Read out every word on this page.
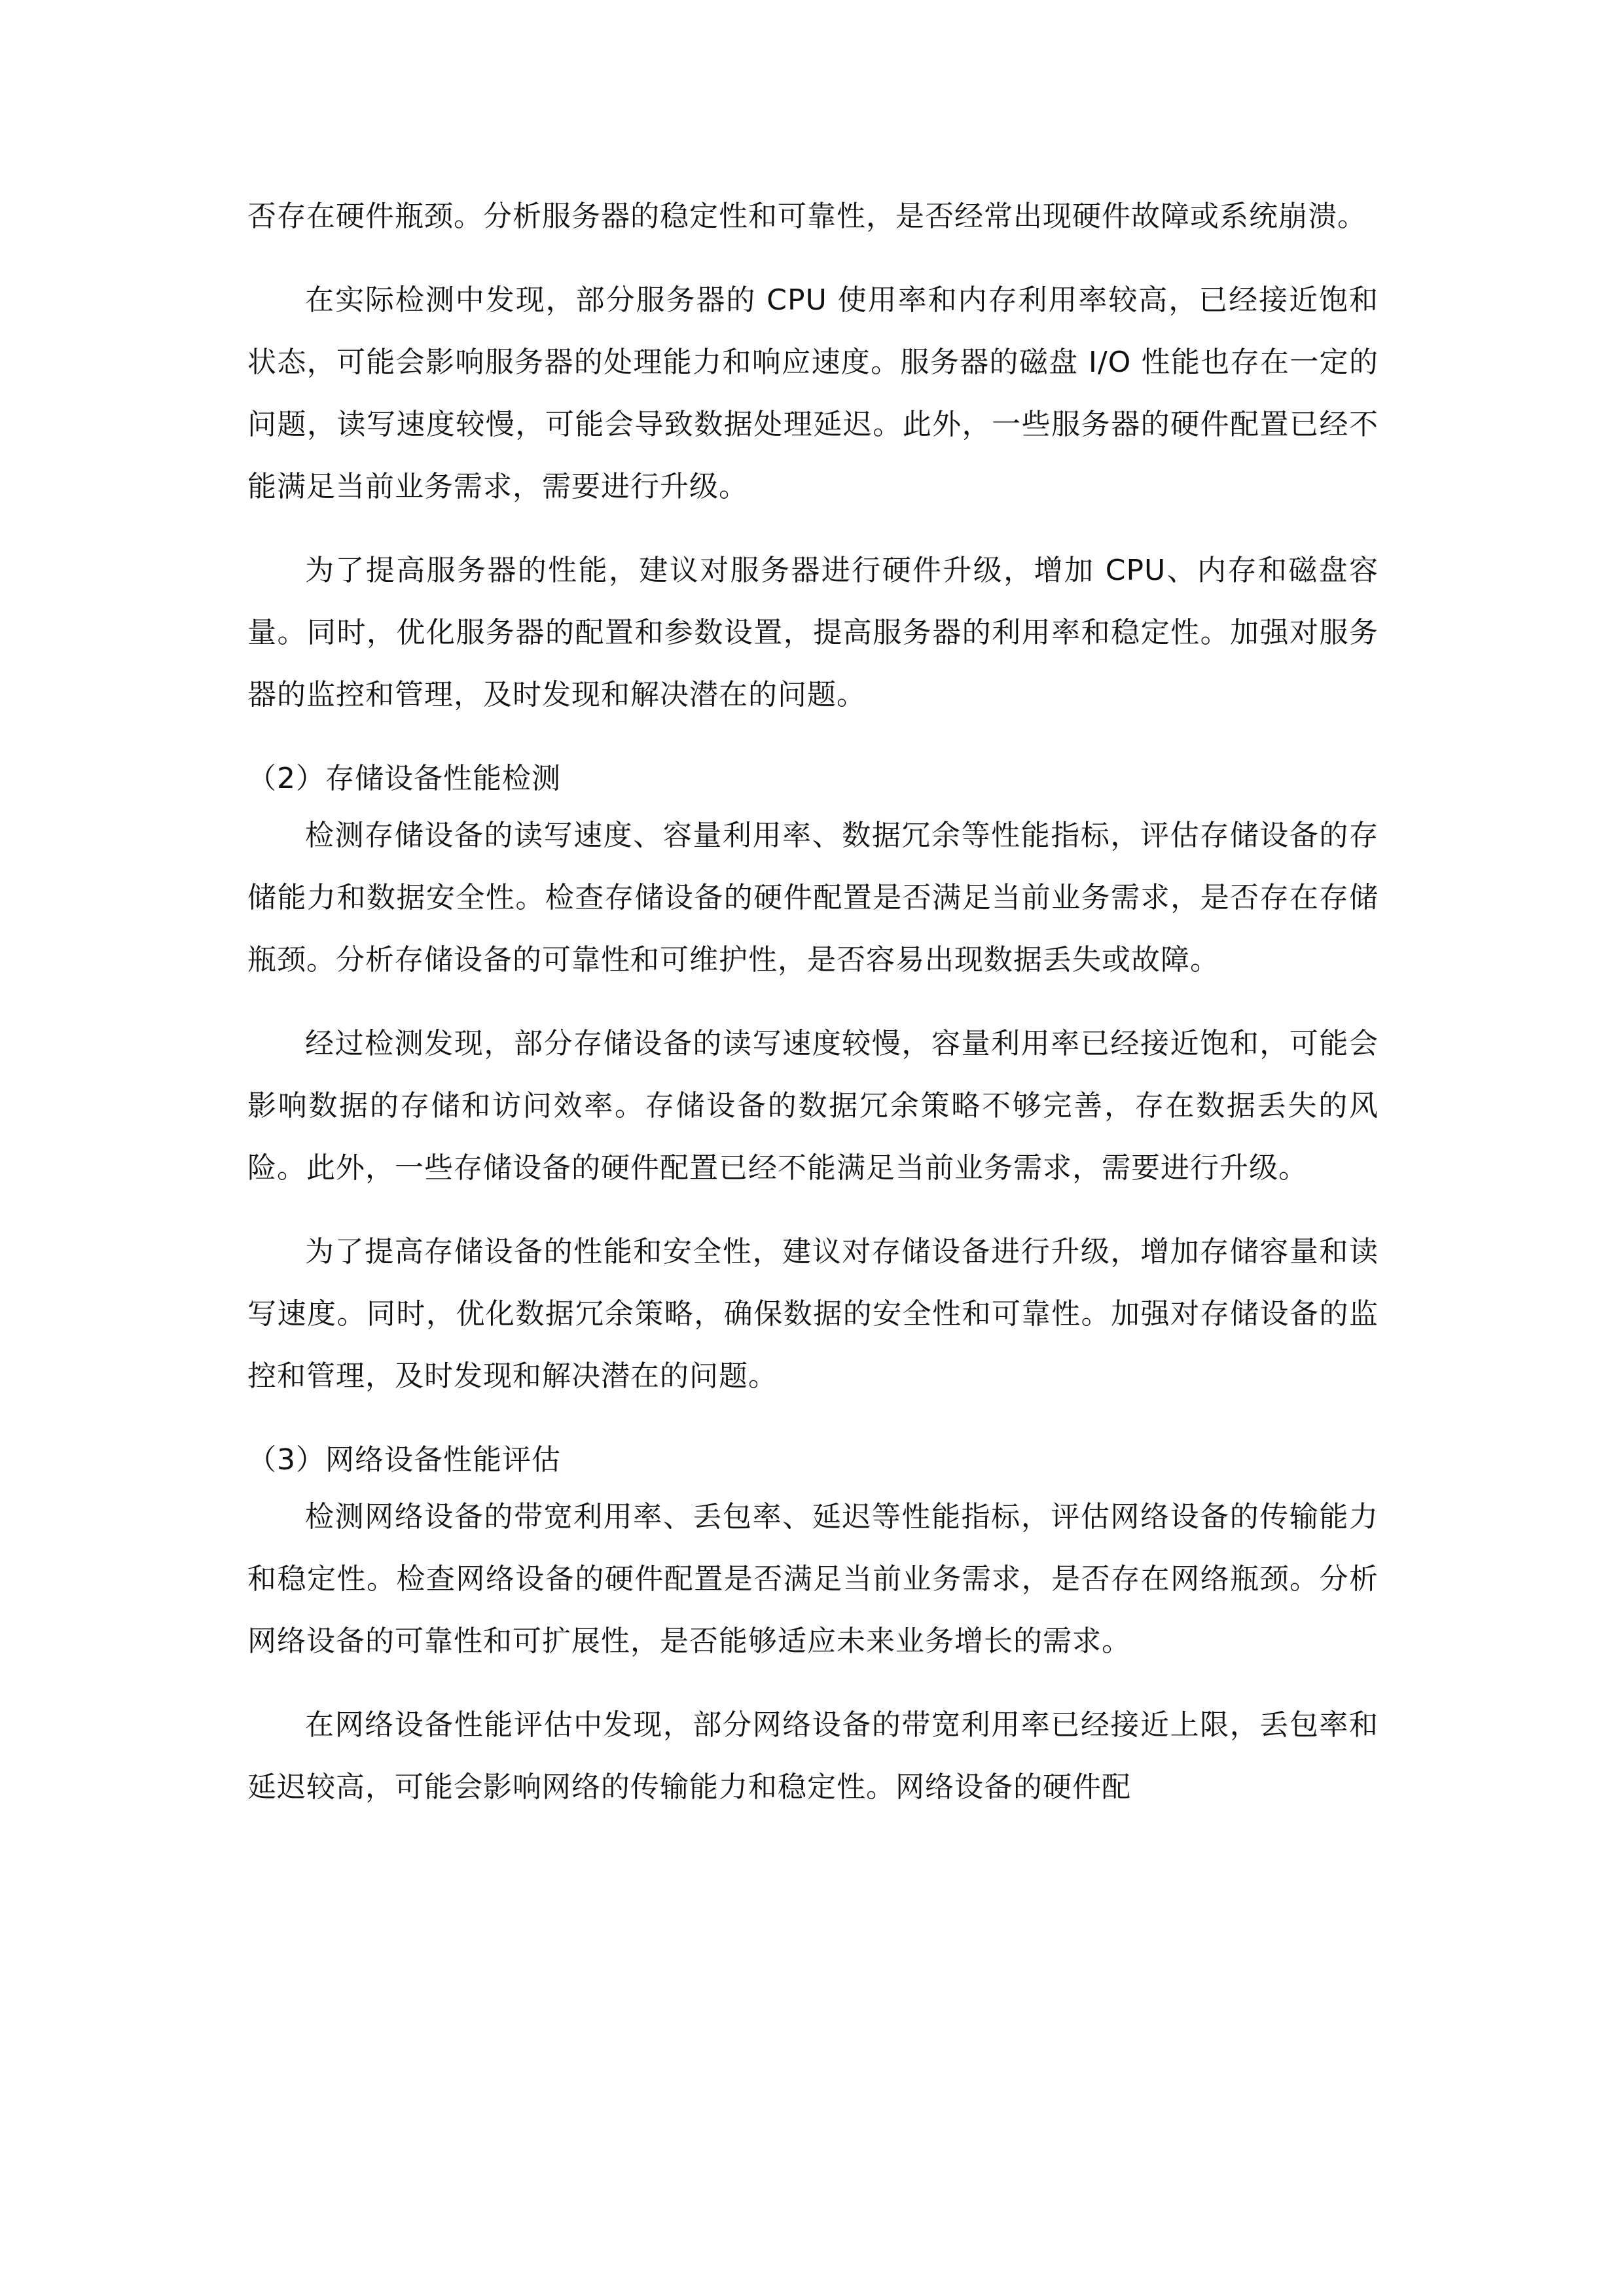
否存在硬件瓶颈。分析服务器的稳定性和可靠性，是否经常出现硬件故障或系统崩溃。

在实际检测中发现，部分服务器的 CPU 使用率和内存利用率较高，已经接近饱和状态，可能会影响服务器的处理能力和响应速度。服务器的磁盘 I/O 性能也存在一定的问题，读写速度较慢，可能会导致数据处理延迟。此外，一些服务器的硬件配置已经不能满足当前业务需求，需要进行升级。

为了提高服务器的性能，建议对服务器进行硬件升级，增加 CPU、内存和磁盘容量。同时，优化服务器的配置和参数设置，提高服务器的利用率和稳定性。加强对服务器的监控和管理，及时发现和解决潜在的问题。

（2）存储设备性能检测

检测存储设备的读写速度、容量利用率、数据冗余等性能指标，评估存储设备的存储能力和数据安全性。检查存储设备的硬件配置是否满足当前业务需求，是否存在存储瓶颈。分析存储设备的可靠性和可维护性，是否容易出现数据丢失或故障。

经过检测发现，部分存储设备的读写速度较慢，容量利用率已经接近饱和，可能会影响数据的存储和访问效率。存储设备的数据冗余策略不够完善，存在数据丢失的风险。此外，一些存储设备的硬件配置已经不能满足当前业务需求，需要进行升级。

为了提高存储设备的性能和安全性，建议对存储设备进行升级，增加存储容量和读写速度。同时，优化数据冗余策略，确保数据的安全性和可靠性。加强对存储设备的监控和管理，及时发现和解决潜在的问题。

（3）网络设备性能评估

检测网络设备的带宽利用率、丢包率、延迟等性能指标，评估网络设备的传输能力和稳定性。检查网络设备的硬件配置是否满足当前业务需求，是否存在网络瓶颈。分析网络设备的可靠性和可扩展性，是否能够适应未来业务增长的需求。

在网络设备性能评估中发现，部分网络设备的带宽利用率已经接近上限，丢包率和延迟较高，可能会影响网络的传输能力和稳定性。网络设备的硬件配
